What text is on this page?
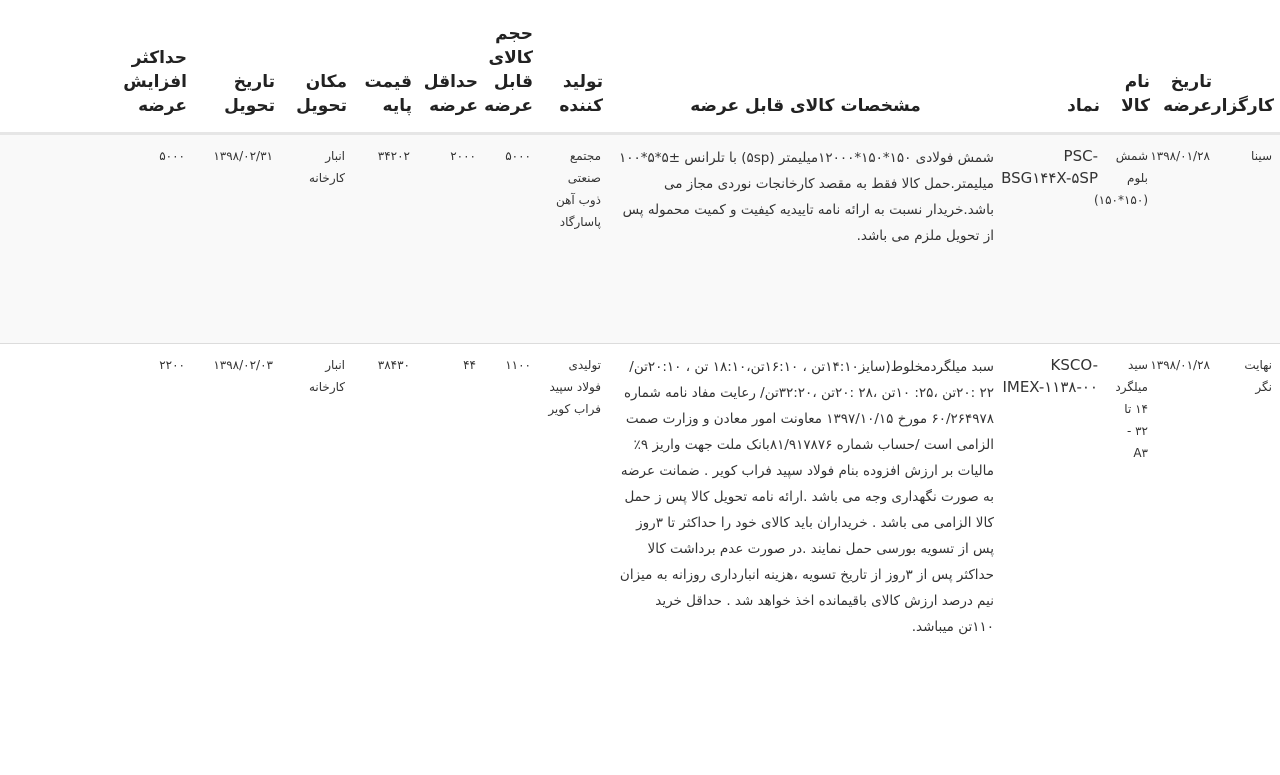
کارگزار	تاریخ عرضه	نام کالا	نماد	مشخصات کالای قابل عرضه	تولید کننده	حجم کالای قابل عرضه	حداقل عرضه	قیمت پایه	مکان تحویل	تاریخ تحویل	حداکثر افزایش عرضه
سینا	۱۳۹۸/۰۱/۲۸	شمش بلوم (۱۵۰*۱۵۰)	PSC-BSG۱۴۴X-۵SP	شمش فولادی ۱۵۰*۱۵۰*۱۲۰۰۰میلیمتر (۵sp) با تلرانس ±۵*۵*۱۰۰ میلیمتر.حمل کالا فقط به مقصد کارخانجات نوردی مجاز می باشد.خریدار نسبت به ارائه نامه تاییدیه کیفیت و کمیت محموله پس از تحویل ملزم می باشد.	مجتمع صنعتی ذوب آهن پاسارگاد	۵۰۰۰	۲۰۰۰	۳۴۲۰۲	انبار کارخانه	۱۳۹۸/۰۲/۳۱	۵۰۰۰
نهایت نگر	۱۳۹۸/۰۱/۲۸	سید میلگرد ۱۴ تا ۳۲ - A۳	KSCO-IMEX-۱۱۳۸-۰۰	سبد میلگردمخلوط(سایز۱۴:۱۰تن ، ۱۶:۱۰تن،۱۸:۱۰ تن ، ۲۰:۱۰تن/۲۲ :۲۰تن ،۲۵: ۱۰تن ،۲۸ :۲۰تن ،۳۲:۲۰تن/ رعایت مفاد نامه شماره ۶۰/۲۶۴۹۷۸ مورخ ۱۳۹۷/۱۰/۱۵ معاونت امور معادن و وزارت صمت الزامی است /حساب شماره ۸۱/۹۱۷۸۷۶بانک ملت جهت واریز ۹٪ مالیات بر ارزش افزوده بنام فولاد سپید فراب کویر . ضمانت عرضه به صورت نگهداری وجه می باشد .ارائه نامه تحویل کالا پس ز حمل کالا الزامی می باشد . خریداران باید کالای خود را حداکثر تا ۳روز پس از تسویه بورسی حمل نمایند .در صورت عدم برداشت کالا حداکثر پس از ۳روز از تاریخ تسویه ،هزینه انبارداری روزانه به میزان نیم درصد ارزش کالای باقیمانده اخذ خواهد شد . حداقل خرید ۱۱۰تن میباشد.	تولیدی فولاد سپید فراب کویر	۱۱۰۰	۴۴	۳۸۴۳۰	انبار کارخانه	۱۳۹۸/۰۲/۰۳	۲۲۰۰
